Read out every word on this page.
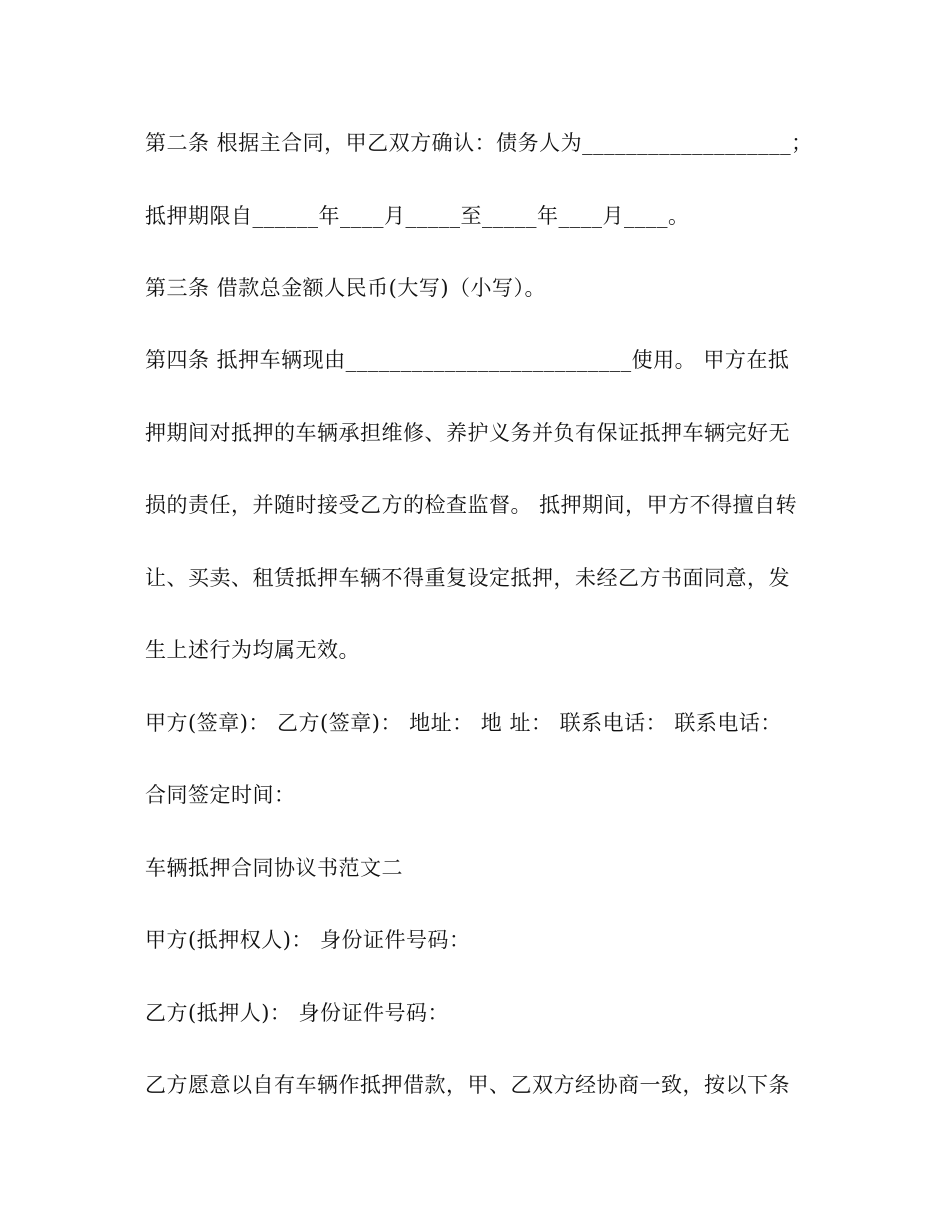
第二条 根据主合同，甲乙双方确认：债务人为___________________；
抵押期限自______年____月_____至_____年____月____。
第三条 借款总金额人民币(大写)（小写）。
第四条 抵押车辆现由__________________________使用。 甲方在抵
押期间对抵押的车辆承担维修、养护义务并负有保证抵押车辆完好无
损的责任，并随时接受乙方的检查监督。 抵押期间，甲方不得擅自转
让、买卖、租赁抵押车辆不得重复设定抵押，未经乙方书面同意，发
生上述行为均属无效。
甲方(签章)： 乙方(签章)： 地址： 地 址： 联系电话： 联系电话：
合同签定时间：
车辆抵押合同协议书范文二
甲方(抵押权人)： 身份证件号码：
乙方(抵押人)： 身份证件号码：
乙方愿意以自有车辆作抵押借款，甲、乙双方经协商一致，按以下条
